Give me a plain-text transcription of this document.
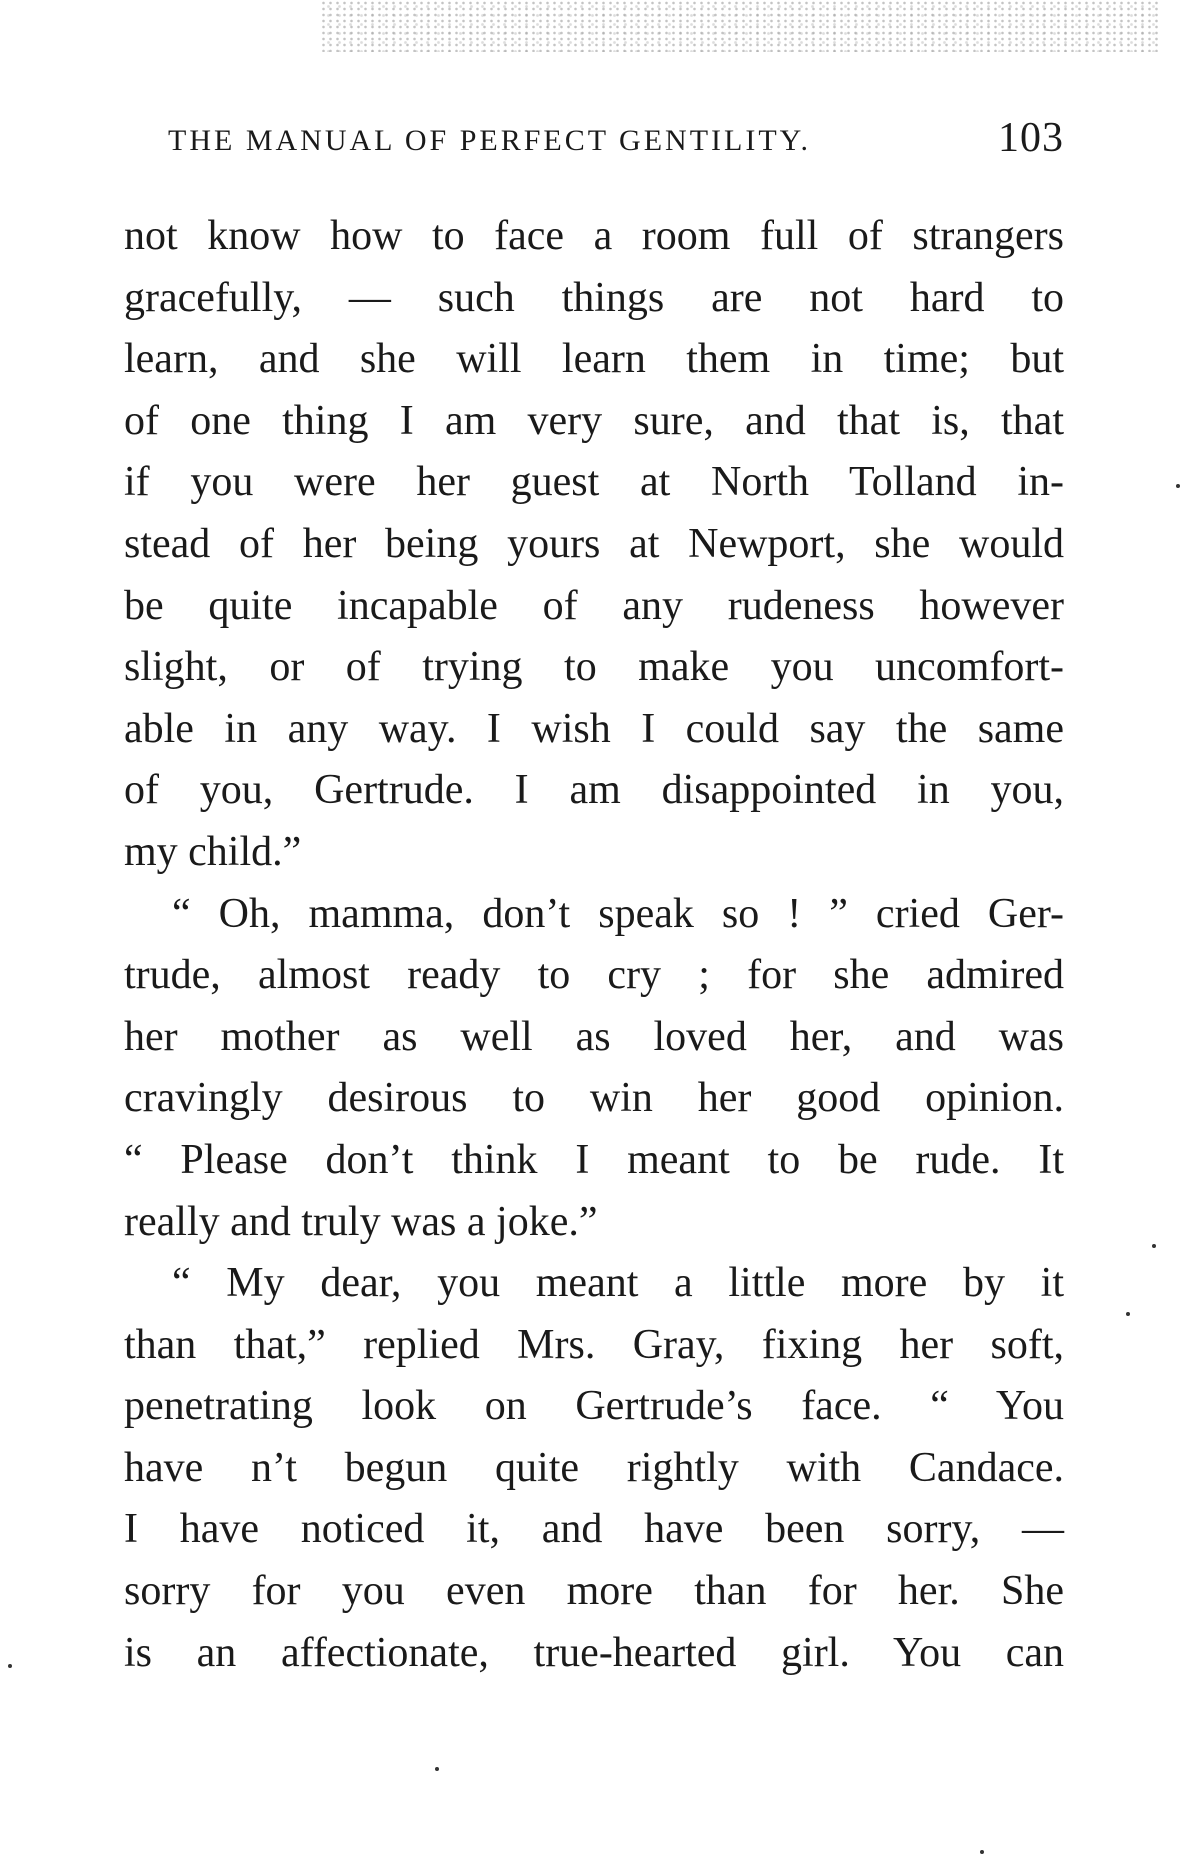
THE MANUAL OF PERFECT GENTILITY.	103
not know how to face a room full of strangers
gracefully, — such things are not hard to
learn, and she will learn them in time; but
of one thing I am very sure, and that is, that
if you were her guest at North Tolland in-
stead of her being yours at Newport, she would
be quite incapable of any rudeness however
slight, or of trying to make you uncomfort-
able in any way. I wish I could say the same
of you, Gertrude. I am disappointed in you,
my child.”
“ Oh, mamma, don’t speak so ! ” cried Ger-
trude, almost ready to cry ; for she admired
her mother as well as loved her, and was
cravingly desirous to win her good opinion.
“ Please don’t think I meant to be rude. It
really and truly was a joke.”
“ My dear, you meant a little more by it
than that,” replied Mrs. Gray, fixing her soft,
penetrating look on Gertrude’s face. “ You
have n’t begun quite rightly with Candace.
I have noticed it, and have been sorry, —
sorry for you even more than for her. She
is an affectionate, true-hearted girl. You can
